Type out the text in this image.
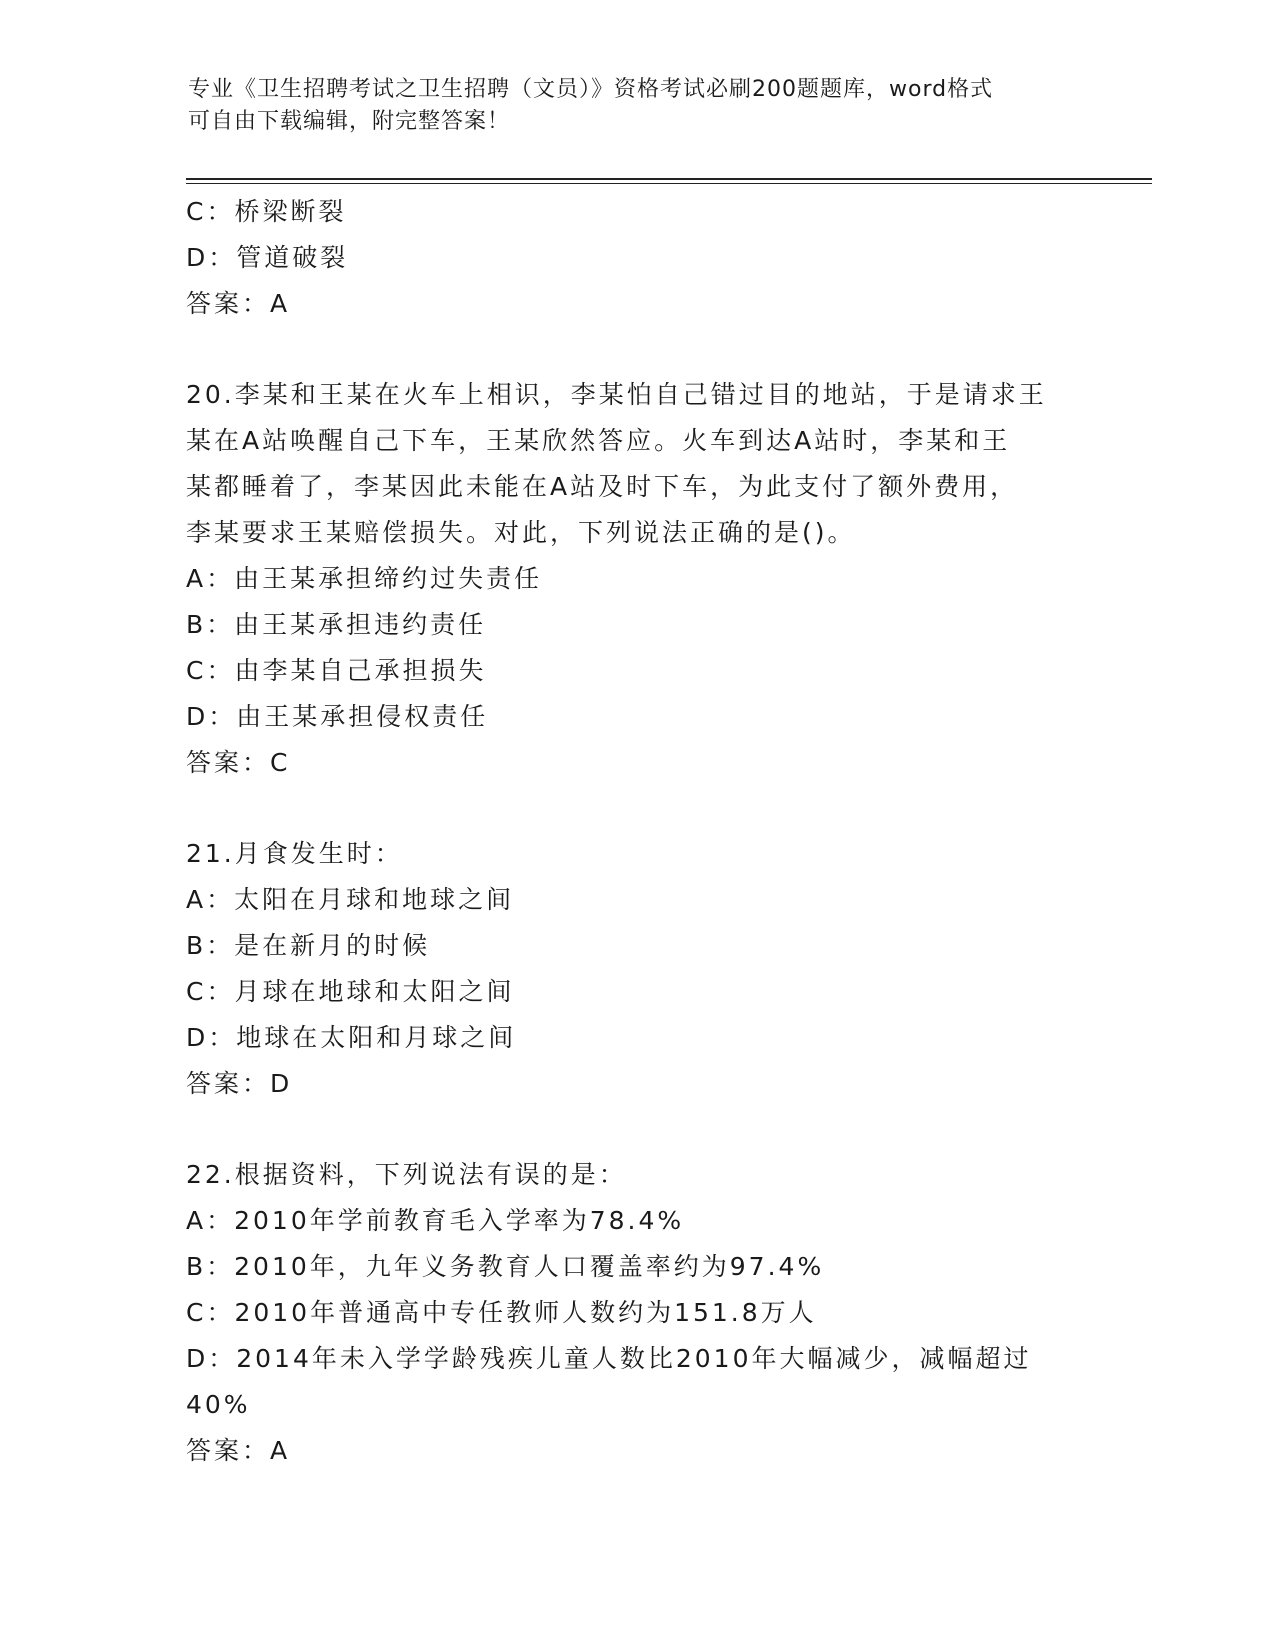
专业《卫生招聘考试之卫生招聘（文员）》资格考试必刷200题题库，word格式
可自由下载编辑，附完整答案！

C：桥梁断裂

D：管道破裂

答案：A

20.李某和王某在火车上相识，李某怕自己错过目的地站，于是请求王

某在A站唤醒自己下车，王某欣然答应。火车到达A站时，李某和王

某都睡着了，李某因此未能在A站及时下车，为此支付了额外费用，

李某要求王某赔偿损失。对此，下列说法正确的是()。

A：由王某承担缔约过失责任

B：由王某承担违约责任

C：由李某自己承担损失

D：由王某承担侵权责任

答案：C

21.月食发生时：

A：太阳在月球和地球之间

B：是在新月的时候

C：月球在地球和太阳之间

D：地球在太阳和月球之间

答案：D

22.根据资料，下列说法有误的是：

A：2010年学前教育毛入学率为78.4%

B：2010年，九年义务教育人口覆盖率约为97.4%

C：2010年普通高中专任教师人数约为151.8万人

D：2014年未入学学龄残疾儿童人数比2010年大幅减少，减幅超过

40%

答案：A
